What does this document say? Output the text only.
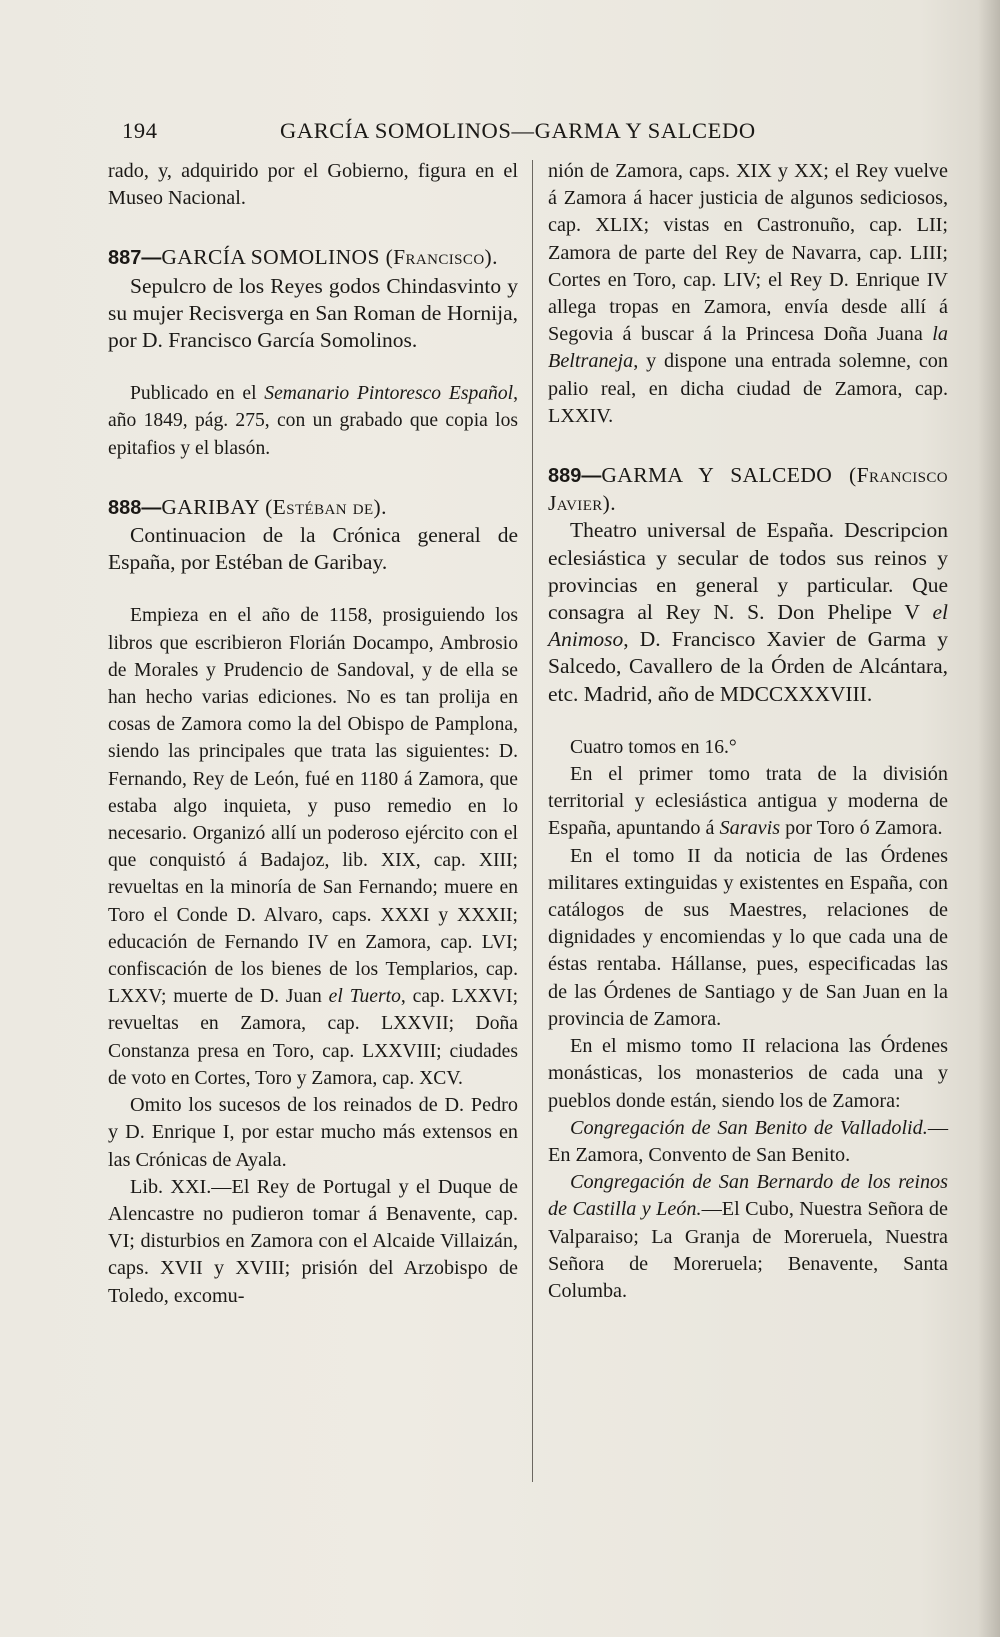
194	GARCÍA SOMOLINOS—GARMA Y SALCEDO

rado, y, adquirido por el Gobierno, figura en el Museo Nacional.

887—GARCÍA SOMOLINOS (Francisco).

Sepulcro de los Reyes godos Chindasvinto y su mujer Recisverga en San Roman de Hornija, por D. Francisco García Somolinos.

Publicado en el Semanario Pintoresco Español, año 1849, pág. 275, con un grabado que copia los epitafios y el blasón.

888—GARIBAY (Estéban de).

Continuacion de la Crónica general de España, por Estéban de Garibay.

Empieza en el año de 1158, prosiguiendo los libros que escribieron Florián Docampo, Ambrosio de Morales y Prudencio de Sandoval, y de ella se han hecho varias ediciones. No es tan prolija en cosas de Zamora como la del Obispo de Pamplona, siendo las principales que trata las siguientes: D. Fernando, Rey de León, fué en 1180 á Zamora, que estaba algo inquieta, y puso remedio en lo necesario. Organizó allí un poderoso ejército con el que conquistó á Badajoz, lib. XIX, cap. XIII; revueltas en la minoría de San Fernando; muere en Toro el Conde D. Alvaro, caps. XXXI y XXXII; educación de Fernando IV en Zamora, cap. LVI; confiscación de los bienes de los Templarios, cap. LXXV; muerte de D. Juan el Tuerto, cap. LXXVI; revueltas en Zamora, cap. LXXVII; Doña Constanza presa en Toro, cap. LXXVIII; ciudades de voto en Cortes, Toro y Zamora, cap. XCV.

Omito los sucesos de los reinados de D. Pedro y D. Enrique I, por estar mucho más extensos en las Crónicas de Ayala.

Lib. XXI.—El Rey de Portugal y el Duque de Alencastre no pudieron tomar á Benavente, cap. VI; disturbios en Zamora con el Alcaide Villaizán, caps. XVII y XVIII; prisión del Arzobispo de Toledo, excomu-

nión de Zamora, caps. XIX y XX; el Rey vuelve á Zamora á hacer justicia de algunos sediciosos, cap. XLIX; vistas en Castronuño, cap. LII; Zamora de parte del Rey de Navarra, cap. LIII; Cortes en Toro, cap. LIV; el Rey D. Enrique IV allega tropas en Zamora, envía desde allí á Segovia á buscar á la Princesa Doña Juana la Beltraneja, y dispone una entrada solemne, con palio real, en dicha ciudad de Zamora, cap. LXXIV.

889—GARMA Y SALCEDO (Francisco Javier).

Theatro universal de España. Descripcion eclesiástica y secular de todos sus reinos y provincias en general y particular. Que consagra al Rey N. S. Don Phelipe V el Animoso, D. Francisco Xavier de Garma y Salcedo, Cavallero de la Órden de Alcántara, etc. Madrid, año de MDCCXXXVIII.

Cuatro tomos en 16.°

En el primer tomo trata de la división territorial y eclesiástica antigua y moderna de España, apuntando á Saravis por Toro ó Zamora.

En el tomo II da noticia de las Órdenes militares extinguidas y existentes en España, con catálogos de sus Maestres, relaciones de dignidades y encomiendas y lo que cada una de éstas rentaba. Hállanse, pues, especificadas las de las Órdenes de Santiago y de San Juan en la provincia de Zamora.

En el mismo tomo II relaciona las Órdenes monásticas, los monasterios de cada una y pueblos donde están, siendo los de Zamora:

Congregación de San Benito de Valladolid.—En Zamora, Convento de San Benito.

Congregación de San Bernardo de los reinos de Castilla y León.—El Cubo, Nuestra Señora de Valparaiso; La Granja de Moreruela, Nuestra Señora de Moreruela; Benavente, Santa Columba.
